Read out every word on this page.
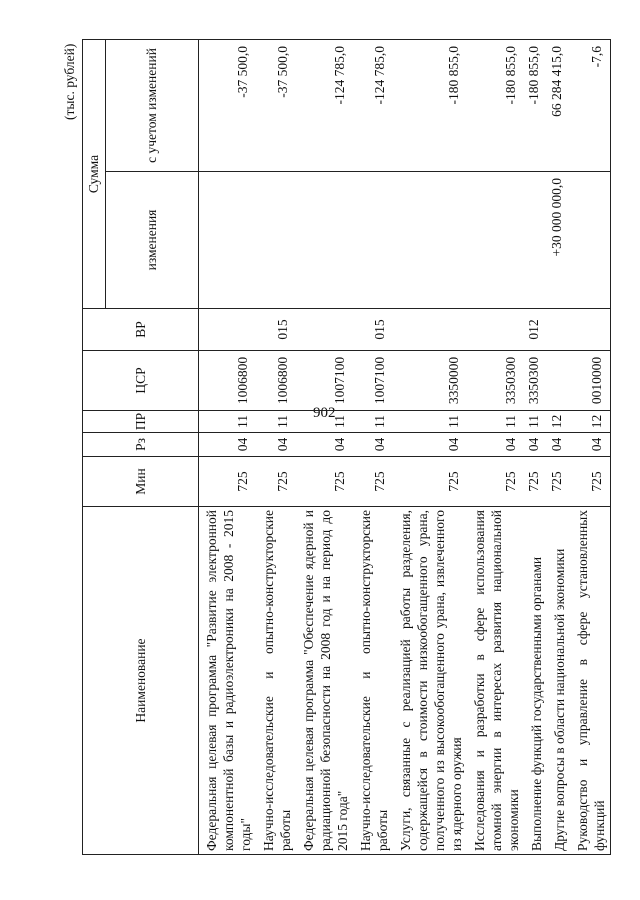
902
(тыс. рублей)
Наименование	Мин	Рз	ПР	ЦСР	ВР	Сумма	
						изменения	с учетом изменений
Федеральная целевая программа "Развитие электронной компонентной базы и радиоэлектроники на 2008 - 2015 годы"	725	04	11	1006800			-37 500,0
Научно-исследовательские и опытно-конструкторские работы	725	04	11	1006800	015		-37 500,0
Федеральная целевая программа "Обеспечение ядерной и радиационной безопасности на 2008 год и на период до 2015 года"	725	04	11	1007100			-124 785,0
Научно-исследовательские и опытно-конструкторские работы	725	04	11	1007100	015		-124 785,0
Услуги, связанные с реализацией работы разделения, содержащейся в стоимости низкообогащенного урана, полученного из высокообогащенного урана, извлеченного из ядерного оружия	725	04	11	3350000			-180 855,0
Исследования и разработки в сфере использования атомной энергии в интересах развития национальной экономики	725	04	11	3350300			-180 855,0
Выполнение функций государственными органами	725	04	11	3350300	012		-180 855,0
Другие вопросы в области национальной экономики	725	04	12			+30 000 000,0	66 284 415,0
Руководство и управление в сфере установленных функций	725	04	12	0010000			-7,6
